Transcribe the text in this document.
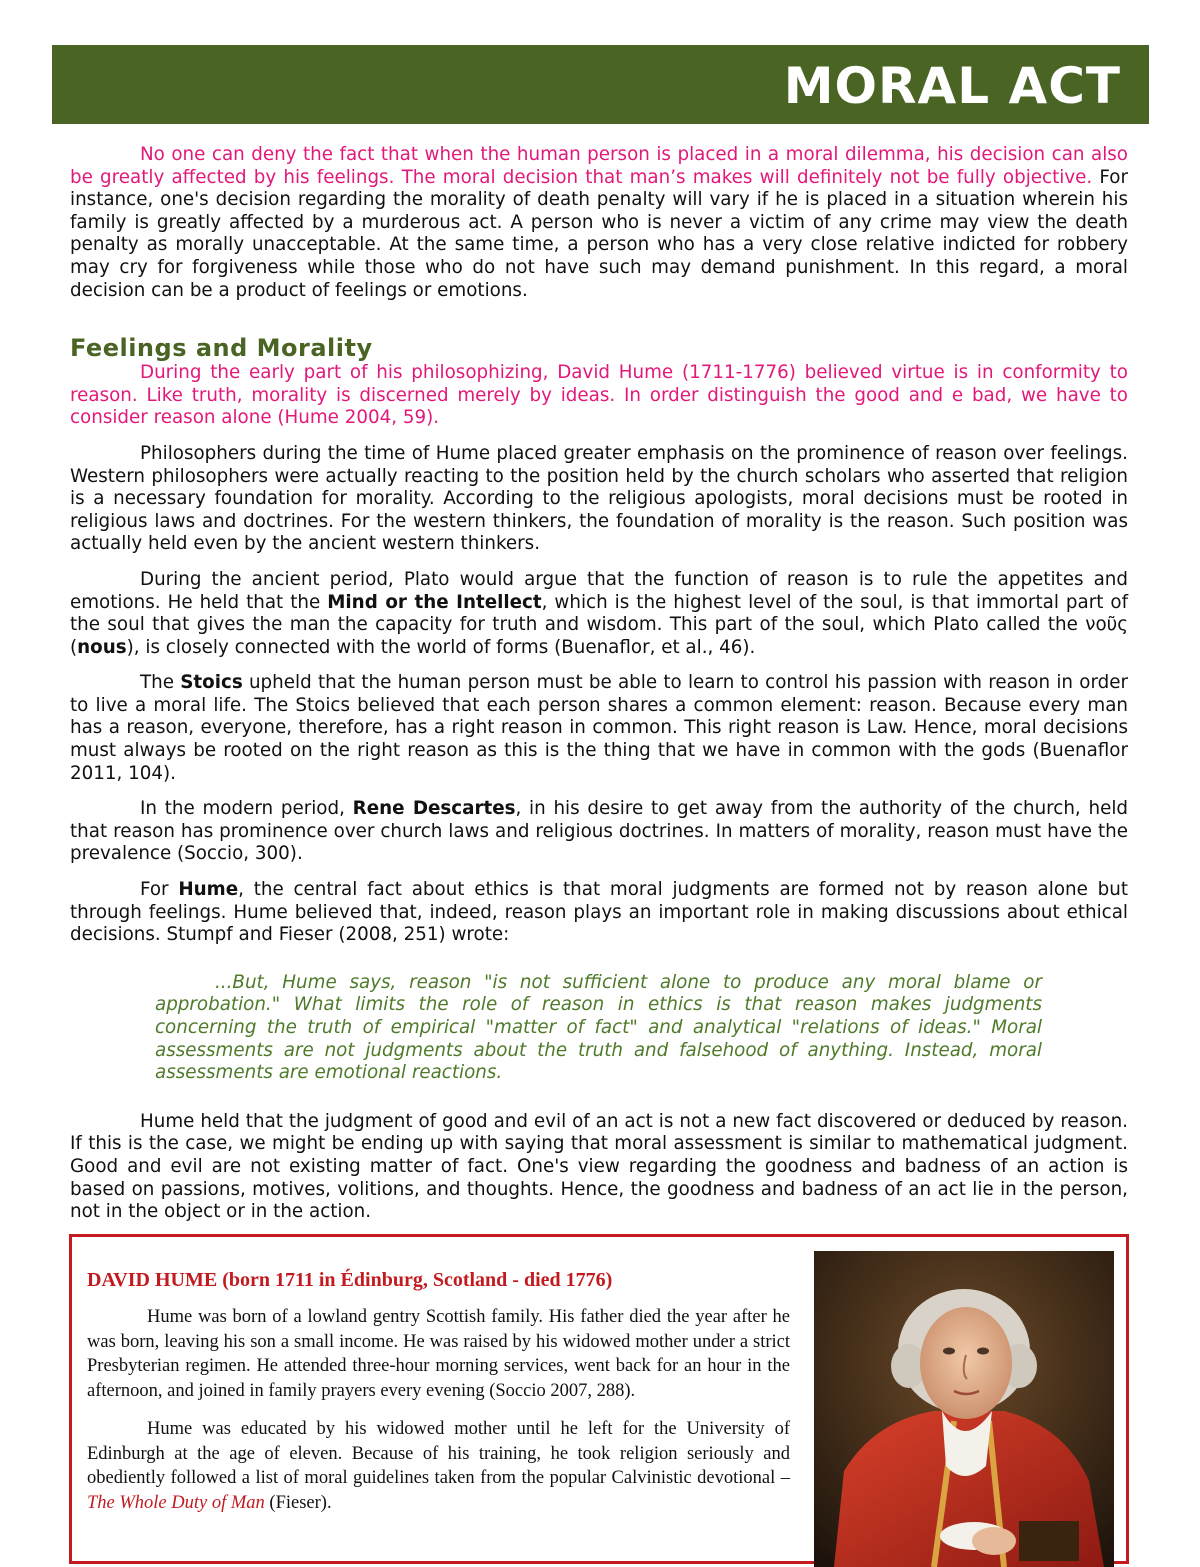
MORAL ACT

No one can deny the fact that when the human person is placed in a moral dilemma, his decision can also be greatly affected by his feelings. The moral decision that man’s makes will definitely not be fully objective. For instance, one's decision regarding the morality of death penalty will vary if he is placed in a situation wherein his family is greatly affected by a murderous act. A person who is never a victim of any crime may view the death penalty as morally unacceptable. At the same time, a person who has a very close relative indicted for robbery may cry for forgiveness while those who do not have such may demand punishment. In this regard, a moral decision can be a product of feelings or emotions.

Feelings and Morality

During the early part of his philosophizing, David Hume (1711-1776) believed virtue is in conformity to reason. Like truth, morality is discerned merely by ideas. In order distinguish the good and e bad, we have to consider reason alone (Hume 2004, 59).

Philosophers during the time of Hume placed greater emphasis on the prominence of reason over feelings. Western philosophers were actually reacting to the position held by the church scholars who asserted that religion is a necessary foundation for morality. According to the religious apologists, moral decisions must be rooted in religious laws and doctrines. For the western thinkers, the foundation of morality is the reason. Such position was actually held even by the ancient western thinkers.

During the ancient period, Plato would argue that the function of reason is to rule the appetites and emotions. He held that the Mind or the Intellect, which is the highest level of the soul, is that immortal part of the soul that gives the man the capacity for truth and wisdom. This part of the soul, which Plato called the νοῦς (nous), is closely connected with the world of forms (Buenaflor, et al., 46).

The Stoics upheld that the human person must be able to learn to control his passion with reason in order to live a moral life. The Stoics believed that each person shares a common element: reason. Because every man has a reason, everyone, therefore, has a right reason in common. This right reason is Law. Hence, moral decisions must always be rooted on the right reason as this is the thing that we have in common with the gods (Buenaflor 2011, 104).

In the modern period, Rene Descartes, in his desire to get away from the authority of the church, held that reason has prominence over church laws and religious doctrines. In matters of morality, reason must have the prevalence (Soccio, 300).

For Hume, the central fact about ethics is that moral judgments are formed not by reason alone but through feelings. Hume believed that, indeed, reason plays an important role in making discussions about ethical decisions. Stumpf and Fieser (2008, 251) wrote:

...But, Hume says, reason "is not sufficient alone to produce any moral blame or approbation." What limits the role of reason in ethics is that reason makes judgments concerning the truth of empirical "matter of fact" and analytical "relations of ideas." Moral assessments are not judgments about the truth and falsehood of anything. Instead, moral assessments are emotional reactions.

Hume held that the judgment of good and evil of an act is not a new fact discovered or deduced by reason. If this is the case, we might be ending up with saying that moral assessment is similar to mathematical judgment. Good and evil are not existing matter of fact. One's view regarding the goodness and badness of an action is based on passions, motives, volitions, and thoughts. Hence, the goodness and badness of an act lie in the person, not in the object or in the action.

DAVID HUME (born 1711 in Édinburg, Scotland - died 1776)

Hume was born of a lowland gentry Scottish family. His father died the year after he was born, leaving his son a small income. He was raised by his widowed mother under a strict Presbyterian regimen. He attended three-hour morning services, went back for an hour in the afternoon, and joined in family prayers every evening (Soccio 2007, 288).

Hume was educated by his widowed mother until he left for the University of Edinburgh at the age of eleven. Because of his training, he took religion seriously and obediently followed a list of moral guidelines taken from the popular Calvinistic devotional – The Whole Duty of Man (Fieser).
